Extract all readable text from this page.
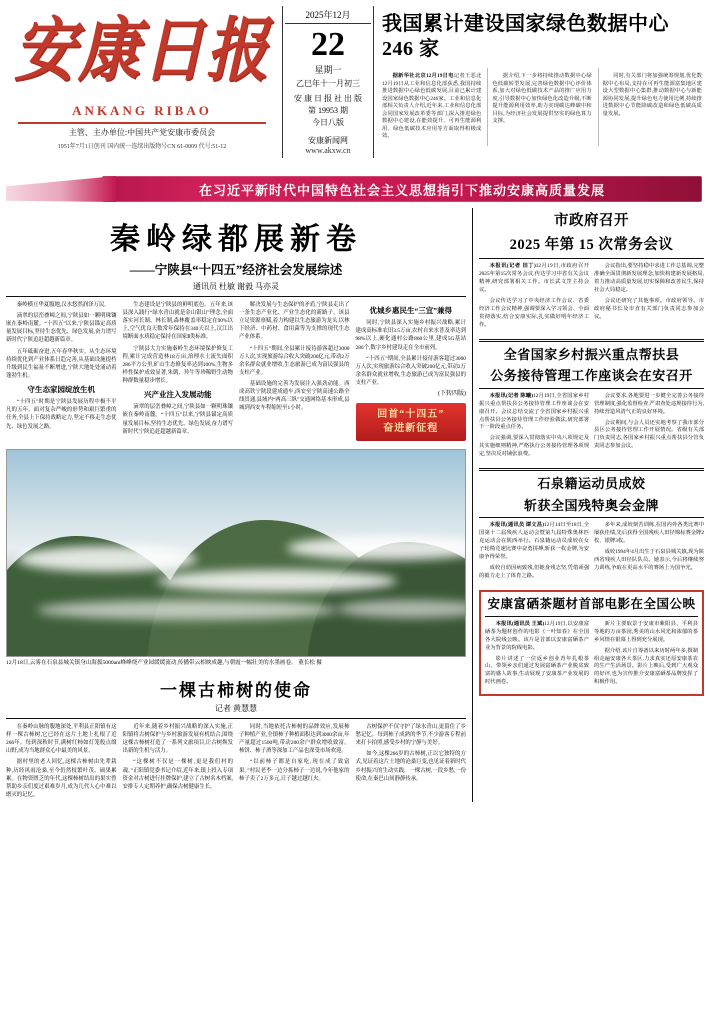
安康日报
ANKANG RIBAO
主管、主办单位:中国共产党安康市委员会
1951年7月1日创刊 国内统一连续出版物号CN 61-0009 代号:51-12
2025年12月
22
星期一
乙巳年十一月初三
安 康 日 报 社 出 版
第 19953 期
今日八版
安康新闻网
www.akxw.cn
我国累计建设国家绿色数据中心 246 家

据新华社北京12月19日电记者王恶北12月19日从工业和信息化部获悉,我国持续推进数据中心绿色低碳发展,目前已累计建设国家绿色数据中心246家。工业和信息化部相关负责人介绍,近年来,工业和信息化部会同国家发展改革委等部门,深入推进绿色数据中心建设,在能效提升、可再生能源利用、绿色低碳技术应用等方面取得积极成效。

据介绍,下一步将持续推动数据中心绿色低碳转型发展,完善绿色数据中心评价体系,加大对绿色低碳技术产品的推广应用力度,引导数据中心加快绿色化改造升级,不断提升能源利用效率,助力实现碳达峰碳中和目标,为经济社会发展提供坚实的绿色算力支撑。

同时,有关部门将加强统筹规划,优化数据中心布局,支持在可再生能源富集地区建设大型数据中心集群,推动数据中心与新能源协同发展,提升绿色电力使用比例,持续推进数据中心节能降碳改造和绿色低碳高质量发展。

在习近平新时代中国特色社会主义思想指引下推动安康高质量发展
秦岭绿都展新卷
——宁陕县“十四五”经济社会发展综述
通讯员 杜敏 谢毅 马亦灵

秦岭横亘华夏腹地,汉水悠然润泽万民。

滴翠的层峦叠嶂之间,宁陕县如一颗明珠镶嵌在秦岭南麓。“十四五”以来,宁陕县锚定高质量发展目标,坚持生态优先、绿色发展,奋力谱写新时代宁陕追赶超越新篇章。

五年砥砺奋进,五年春华秋实。从生态环境持续优化到产业体系日趋完善,从基础设施提档升级到民生福祉不断增进,宁陕大地处处涌动着蓬勃生机。

守生态家园绽放生机

“十四五”时期是宁陕县发展历程中极不平凡的五年。面对复杂严峻的形势和艰巨繁重的任务,全县上下保持战略定力,坚定不移走生态优先、绿色发展之路。

生态建设是宁陕县的鲜明底色。五年来,该县深入践行“绿水青山就是金山银山”理念,全面落实河长制、林长制,森林覆盖率稳定在90%以上,空气优良天数常年保持在340天以上,汉江出境断面水质稳定保持在国家Ⅱ类标准。

宁陕县大力实施秦岭生态环境保护修复工程,累计完成营造林18万亩,治理水土流失面积286平方公里,矿山生态修复率达到100%,生物多样性保护成效显著,朱鹮、羚牛等珍稀野生动物种群数量稳步增长。

兴产业注入发展动能

滴翠的层峦叠嶂之间,宁陕县如一颗明珠镶嵌在秦岭南麓。“十四五”以来,宁陕县锚定高质量发展目标,坚持生态优先、绿色发展,奋力谱写新时代宁陕追赶超越新篇章。

解决发展与生态保护的矛盾,宁陕县走出了一条生态产业化、产业生态化的新路子。该县立足资源禀赋,着力构建以生态旅游为龙头,以林下经济、中药材、食用菌等为支撑的现代生态产业体系。

“十四五”期间,全县累计接待游客超过3000万人次,实现旅游综合收入突破200亿元,带动2万余名群众就业增收,生态旅游已成为富民强县的支柱产业。

基础设施的完善为发展注入强劲动能。西成高铁宁陕段建成通车,西安至宁陕高速公路全线贯通,县域内“两高三纵”交通网络基本形成,县城到西安车程缩短至1小时。

优城乡惠民生“三宜”兼得

同时,宁陕县深入实施乡村振兴战略,累计建成高标准农田3.5万亩,农村自来水普及率达到98%以上,硬化通村公路860公里,建成5G基站286个,数字乡村建设走在全市前列。

“十四五”期间,全县累计接待游客超过3000万人次,实现旅游综合收入突破200亿元,带动2万余名群众就业增收,生态旅游已成为富民强县的支柱产业。

(下转四版)
回首“十四五”
奋进新征程
12月18日,云雾在石泉县城关镇身山海拔5000am峰峰绕产业园缓缓流动,传播带云相映成趣,与朝霞一幅壮美的水墨画卷。 董长松 摄
一棵古柿树的使命
记者 黄慧慧

在秦岭山脉的腹地深处,平利县正阳镇有这样一棵古柿树,它已经在这片土地上扎根了近266年。每到深秋时节,满树红柿如灯笼般点缀山野,成为当地群众心中最美的风景。

据村里的老人回忆,这棵古柿树由先辈栽种,历经风雨沧桑,至今仍然枝繁叶茂、硕果累累。在物资匮乏的年代,这棵柿树结出的果实曾帮助乡亲们度过艰难岁月,成为几代人心中难以磨灭的记忆。

近年来,随着乡村振兴战略的深入实施,正阳镇将古树保护与乡村旅游发展有机结合,围绕这棵古柿树打造了一系列文旅项目,让古树焕发出新的生机与活力。

“这棵树不仅是一棵树,更是我们村的魂。”正阳镇党委书记介绍,近年来,镇上投入专项资金对古树进行挂牌保护,建立了古树名木档案,安排专人定期养护,确保古树健康生长。

同时,当地依托古柿树的品牌效应,发展柿子种植产业,全镇柿子种植面积达到3000余亩,年产量超过1500吨,带动200余户群众增收致富。柿饼、柿子酒等深加工产品也深受市场欢迎。

“以前柿子都是自家吃,现在成了致富果。”村民老李一边分拣柿子一边说,今年他家的柿子卖了2万多元,日子越过越红火。

古树保护不仅守护了绿水青山,更留住了乡愁记忆。每到柿子成熟的季节,不少游客专程前来打卡拍照,感受乡村的宁静与美好。

如今,这棵266岁的古柿树,正以它独特的方式,见证着这片土地的沧桑巨变,也见证着新时代乡村振兴的生动实践。一棵古树,一段乡愁,一份使命,在秦巴山间静静传承。

市政府召开
2025 年第 15 次常务会议

本报讯(记者 田丁)12月19日,市政府召开2025年第15次常务会议,传达学习中省有关会议精神,研究部署相关工作。市长武文罡主持会议。

会议传达学习了中央经济工作会议、省委经济工作会议精神,强调要深入学习领会、全面贯彻落实,结合安康实际,扎实做好明年经济工作。

会议指出,要坚持稳中求进工作总基调,完整准确全面贯彻新发展理念,加快构建新发展格局,着力推动高质量发展,切实保障和改善民生,保持社会大局稳定。

会议还研究了其他事项。市政府领导、市政府秘书长及市直有关部门负责同志参加会议。

全省国家乡村振兴重点帮扶县
公务接待管理工作座谈会在安召开

本报讯(记者 陈曦)12月19日,全省国家乡村振兴重点帮扶县公务接待管理工作座谈会在安康召开。会议总结交流了全省国家乡村振兴重点帮扶县公务接待管理工作经验做法,研究部署下一阶段重点任务。

会议强调,要深入贯彻落实中央八项规定及其实施细则精神,严格执行公务接待管理各项规定,坚决反对铺张浪费。

会议要求,各地要进一步健全完善公务接待管理制度,强化监督检查,严肃查处违规接待行为,持续营造风清气正的良好环境。

会议期间,与会人员还实地考察了我市部分县区公务接待管理工作开展情况。省级有关部门负责同志,各国家乡村振兴重点帮扶县分管负责同志参加会议。

石泉籍运动员成姣
斩获全国残特奥会金牌

本报讯(通讯员 谭文昌)12月14日至18日,全国第十二届残疾人运动会暨第九届特殊奥林匹克运动会在陕西举行。石泉籍运动员成姣在女子轮椅竞速比赛中奋勇拼搏,斩获一枚金牌,为安康争得荣誉。

成姣自幼因病致残,但她身残志坚,凭借顽强的毅力走上了体育之路。

多年来,成姣刻苦训练,在国内外各类比赛中屡获佳绩,先后获得全国残疾人田径锦标赛金牌2枚、银牌3枚。

成姣1994年4月出生于石泉县城关镇,现为陕西省残疾人田径队队员。她表示,今后将继续努力训练,争取在更高水平的赛场上为国争光。

安康富硒茶题材首部电影在全国公映

本报讯(通讯员 王斌)12月19日,以安康富硒茶为题材创作的电影《一叶知春》在全国各大院线公映。该片是首部以安康富硒茶产业为背景的院线电影。

影片讲述了一位返乡创业青年扎根茶山、带领乡亲们通过发展富硒茶产业脱贫致富的感人故事,生动展现了安康茶产业发展的时代画卷。

新片主要取景于安康市紫阳县、平利县等地的万亩茶园,秀美的山水风光和浓郁的茶乡风情在银幕上得到充分展现。

据介绍,该片自筹备以来历时两年多,摄制组走遍安康各大茶区,力求真实还原安康茶农的生产生活场景。影片上映后,受到广大观众的好评,也为宣传推介安康富硒茶品牌发挥了积极作用。
